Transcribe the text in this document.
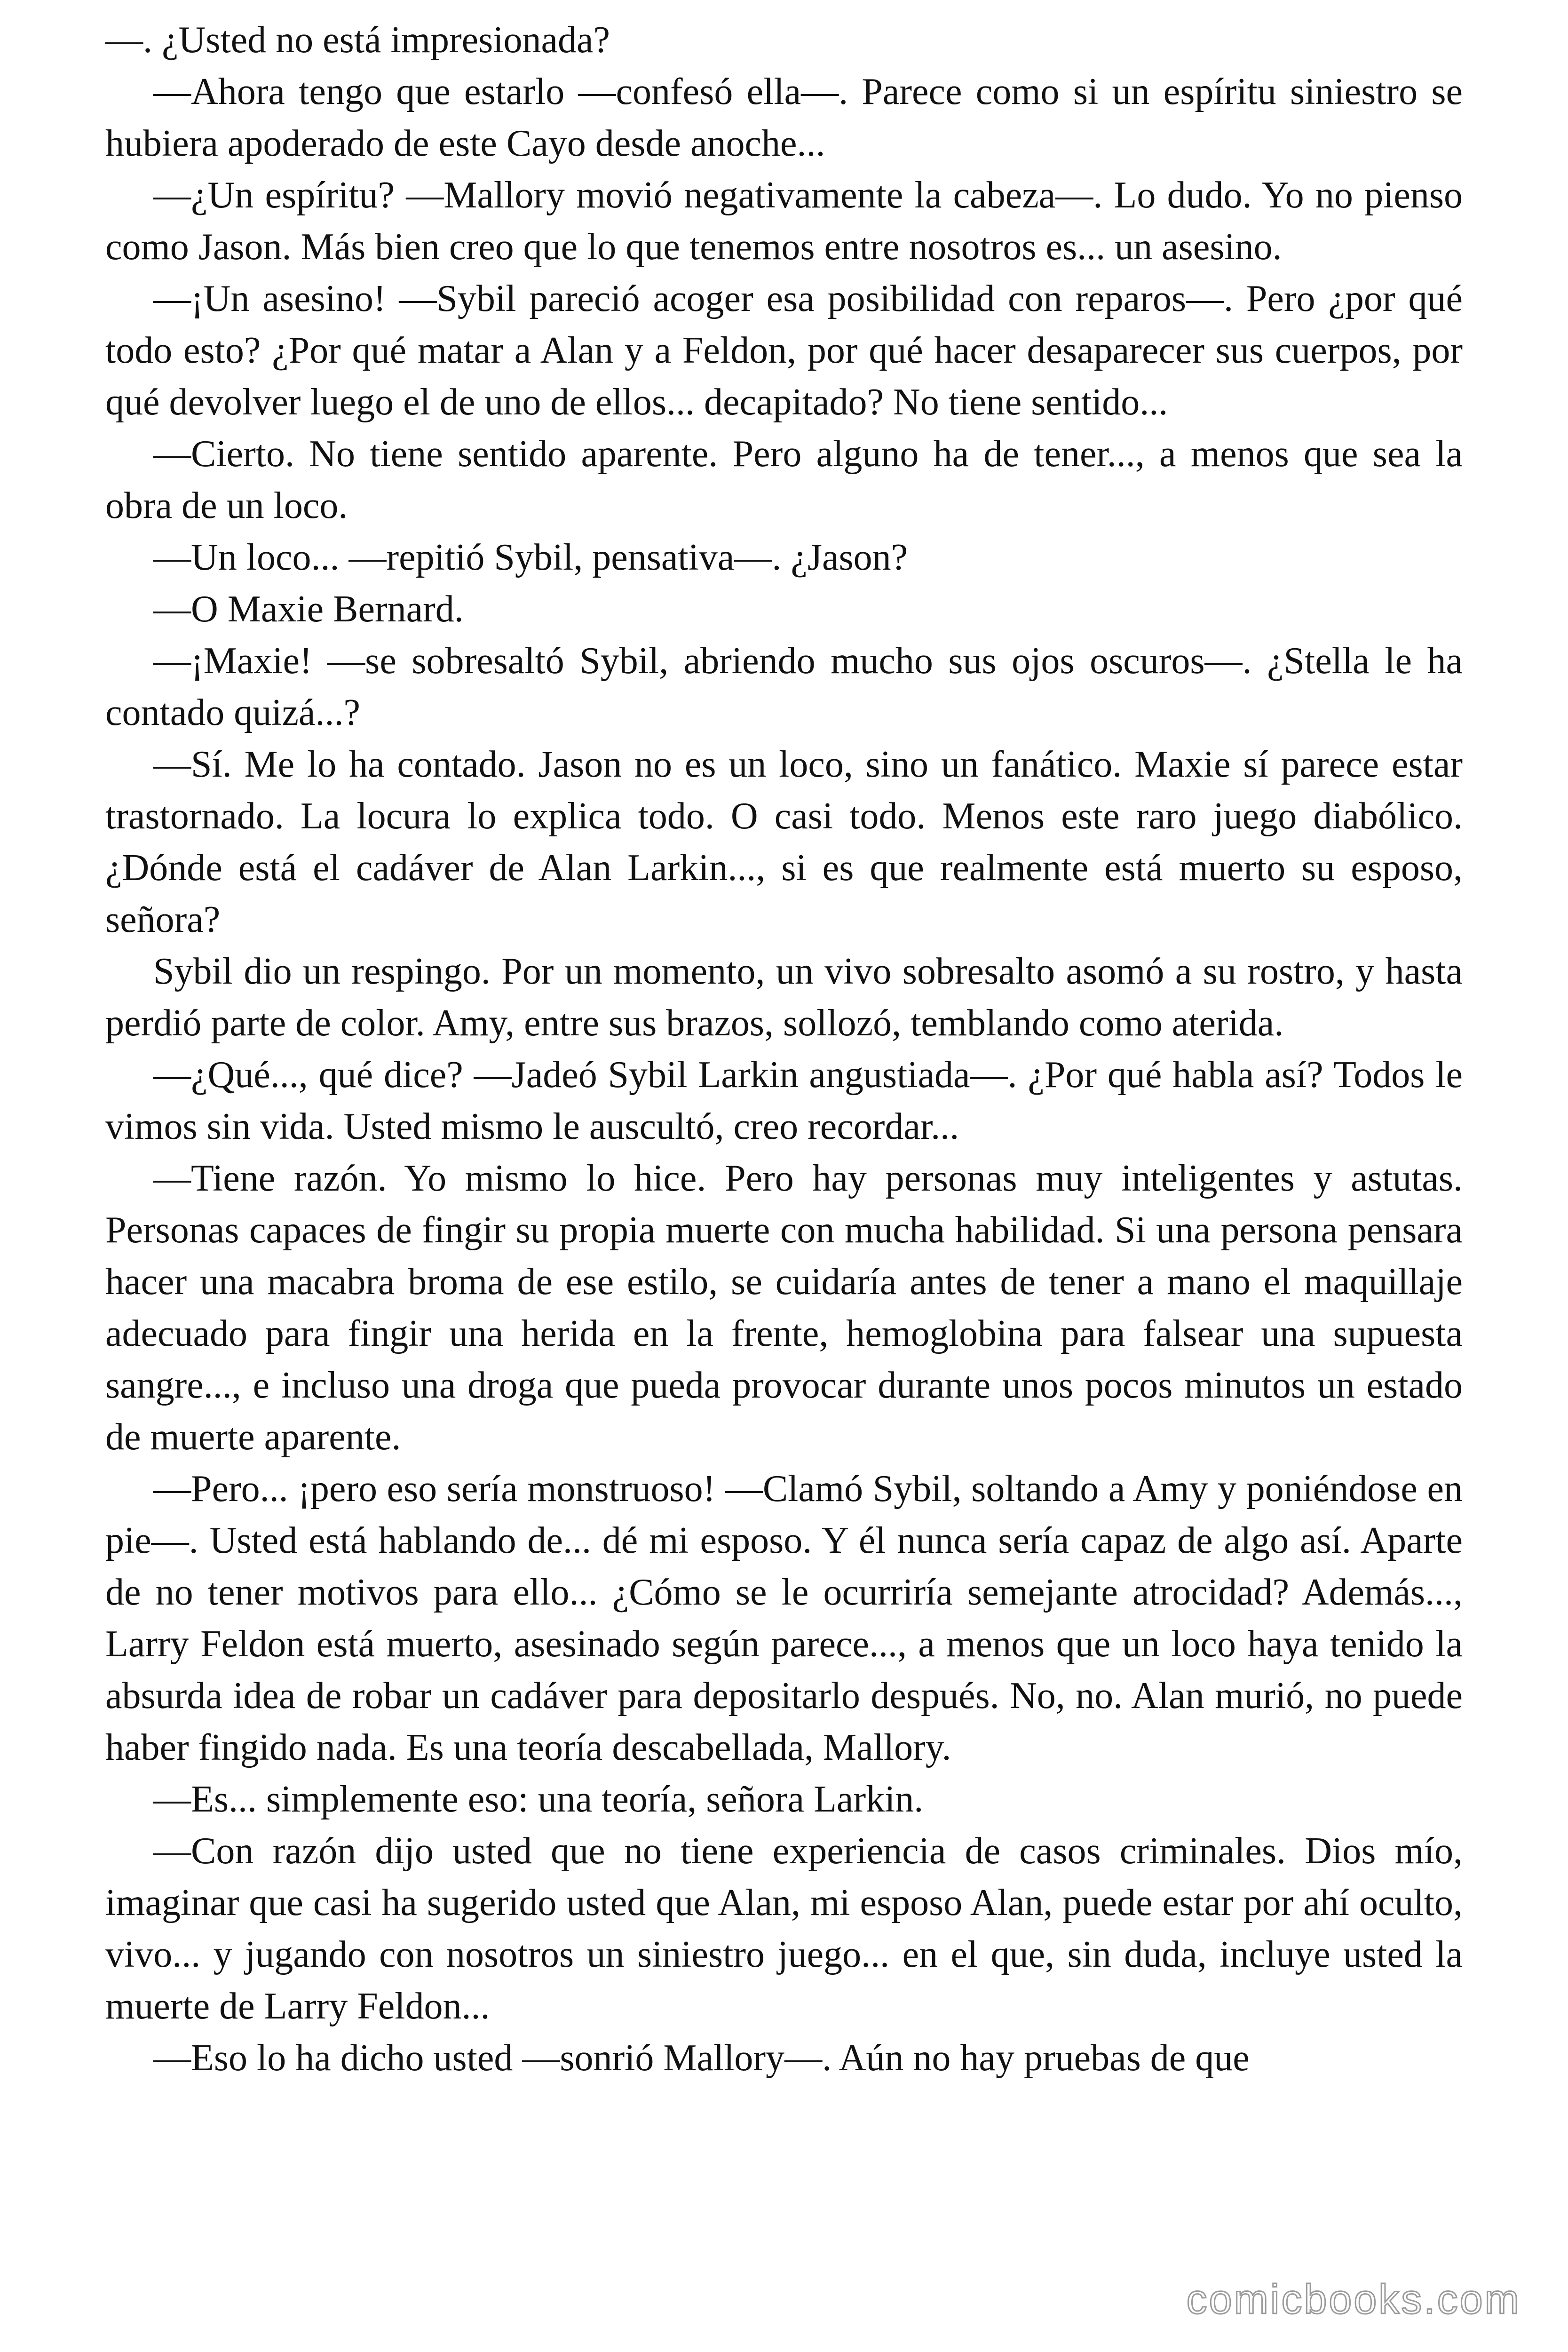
—. ¿Usted no está impresionada?

—Ahora tengo que estarlo —confesó ella—. Parece como si un espíritu siniestro se hubiera apoderado de este Cayo desde anoche...

—¿Un espíritu? —Mallory movió negativamente la cabeza—. Lo dudo. Yo no pienso como Jason. Más bien creo que lo que tenemos entre nosotros es... un asesino.

—¡Un asesino! —Sybil pareció acoger esa posibilidad con reparos—. Pero ¿por qué todo esto? ¿Por qué matar a Alan y a Feldon, por qué hacer desaparecer sus cuerpos, por qué devolver luego el de uno de ellos... decapitado? No tiene sentido...

—Cierto. No tiene sentido aparente. Pero alguno ha de tener..., a menos que sea la obra de un loco.

—Un loco... —repitió Sybil, pensativa—. ¿Jason?

—O Maxie Bernard.

—¡Maxie! —se sobresaltó Sybil, abriendo mucho sus ojos oscuros—. ¿Stella le ha contado quizá...?

—Sí. Me lo ha contado. Jason no es un loco, sino un fanático. Maxie sí parece estar trastornado. La locura lo explica todo. O casi todo. Menos este raro juego diabólico. ¿Dónde está el cadáver de Alan Larkin..., si es que realmente está muerto su esposo, señora?

Sybil dio un respingo. Por un momento, un vivo sobresalto asomó a su rostro, y hasta perdió parte de color. Amy, entre sus brazos, sollozó, temblando como aterida.

—¿Qué..., qué dice? —Jadeó Sybil Larkin angustiada—. ¿Por qué habla así? Todos le vimos sin vida. Usted mismo le auscultó, creo recordar...

—Tiene razón. Yo mismo lo hice. Pero hay personas muy inteligentes y astutas. Personas capaces de fingir su propia muerte con mucha habilidad. Si una persona pensara hacer una macabra broma de ese estilo, se cuidaría antes de tener a mano el maquillaje adecuado para fingir una herida en la frente, hemoglobina para falsear una supuesta sangre..., e incluso una droga que pueda provocar durante unos pocos minutos un estado de muerte aparente.

—Pero... ¡pero eso sería monstruoso! —Clamó Sybil, soltando a Amy y poniéndose en pie—. Usted está hablando de... dé mi esposo. Y él nunca sería capaz de algo así. Aparte de no tener motivos para ello... ¿Cómo se le ocurriría semejante atrocidad? Además..., Larry Feldon está muerto, asesinado según parece..., a menos que un loco haya tenido la absurda idea de robar un cadáver para depositarlo después. No, no. Alan murió, no puede haber fingido nada. Es una teoría descabellada, Mallory.

—Es... simplemente eso: una teoría, señora Larkin.

—Con razón dijo usted que no tiene experiencia de casos criminales. Dios mío, imaginar que casi ha sugerido usted que Alan, mi esposo Alan, puede estar por ahí oculto, vivo... y jugando con nosotros un siniestro juego... en el que, sin duda, incluye usted la muerte de Larry Feldon...

—Eso lo ha dicho usted —sonrió Mallory—. Aún no hay pruebas de que

comicbooks.com
